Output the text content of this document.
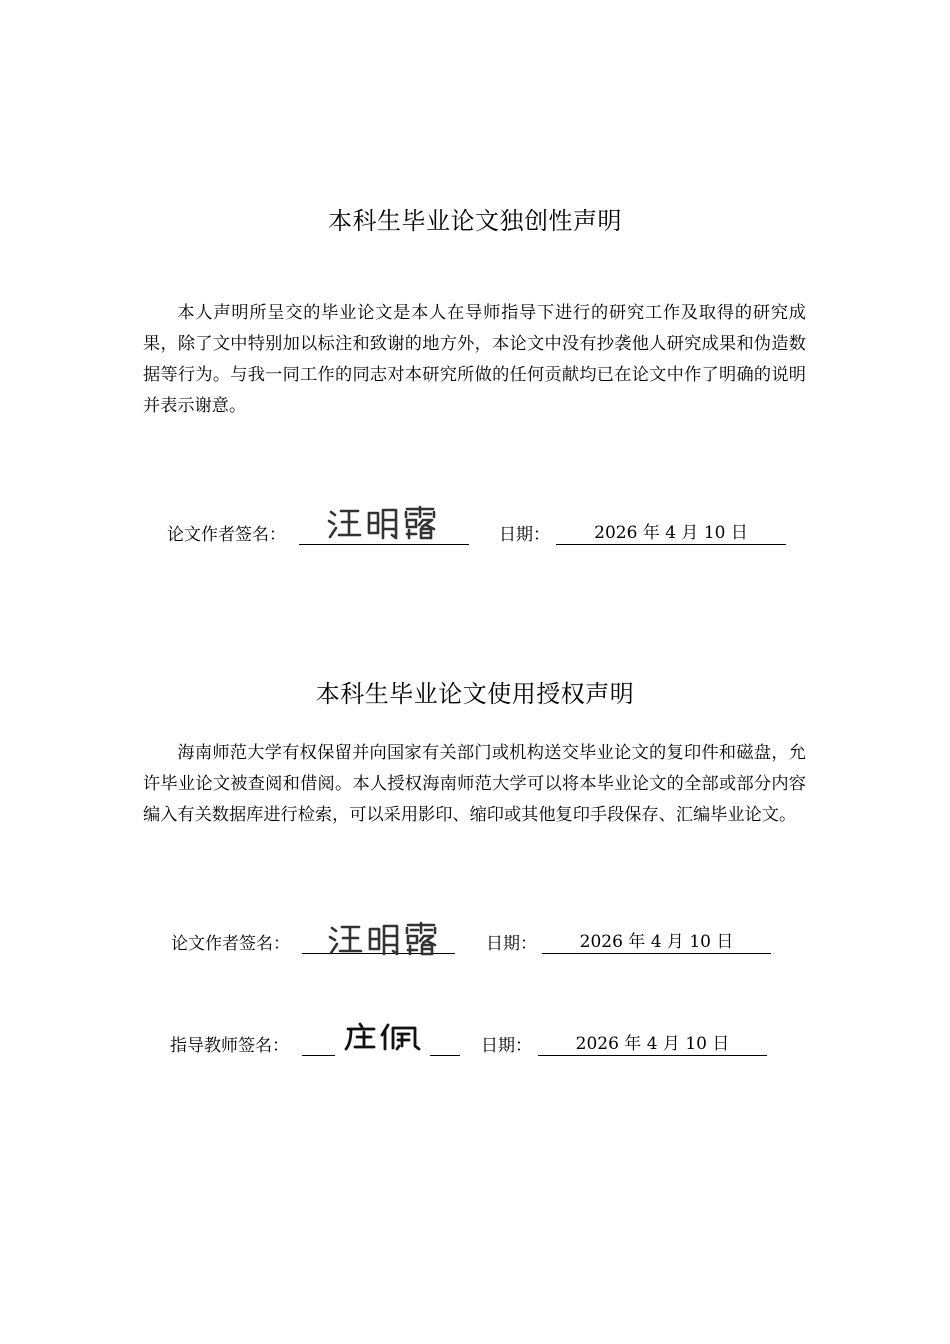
本科生毕业论文独创性声明
本人声明所呈交的毕业论文是本人在导师指导下进行的研究工作及取得的研究成果，除了文中特别加以标注和致谢的地方外，本论文中没有抄袭他人研究成果和伪造数据等行为。与我一同工作的同志对本研究所做的任何贡献均已在论文中作了明确的说明并表示谢意。
论文作者签名：	日期：	2026 年 4 月 10 日
本科生毕业论文使用授权声明
海南师范大学有权保留并向国家有关部门或机构送交毕业论文的复印件和磁盘，允许毕业论文被查阅和借阅。本人授权海南师范大学可以将本毕业论文的全部或部分内容编入有关数据库进行检索，可以采用影印、缩印或其他复印手段保存、汇编毕业论文。
论文作者签名：	日期：	2026 年 4 月 10 日
指导教师签名：	日期：	2026 年 4 月 10 日
